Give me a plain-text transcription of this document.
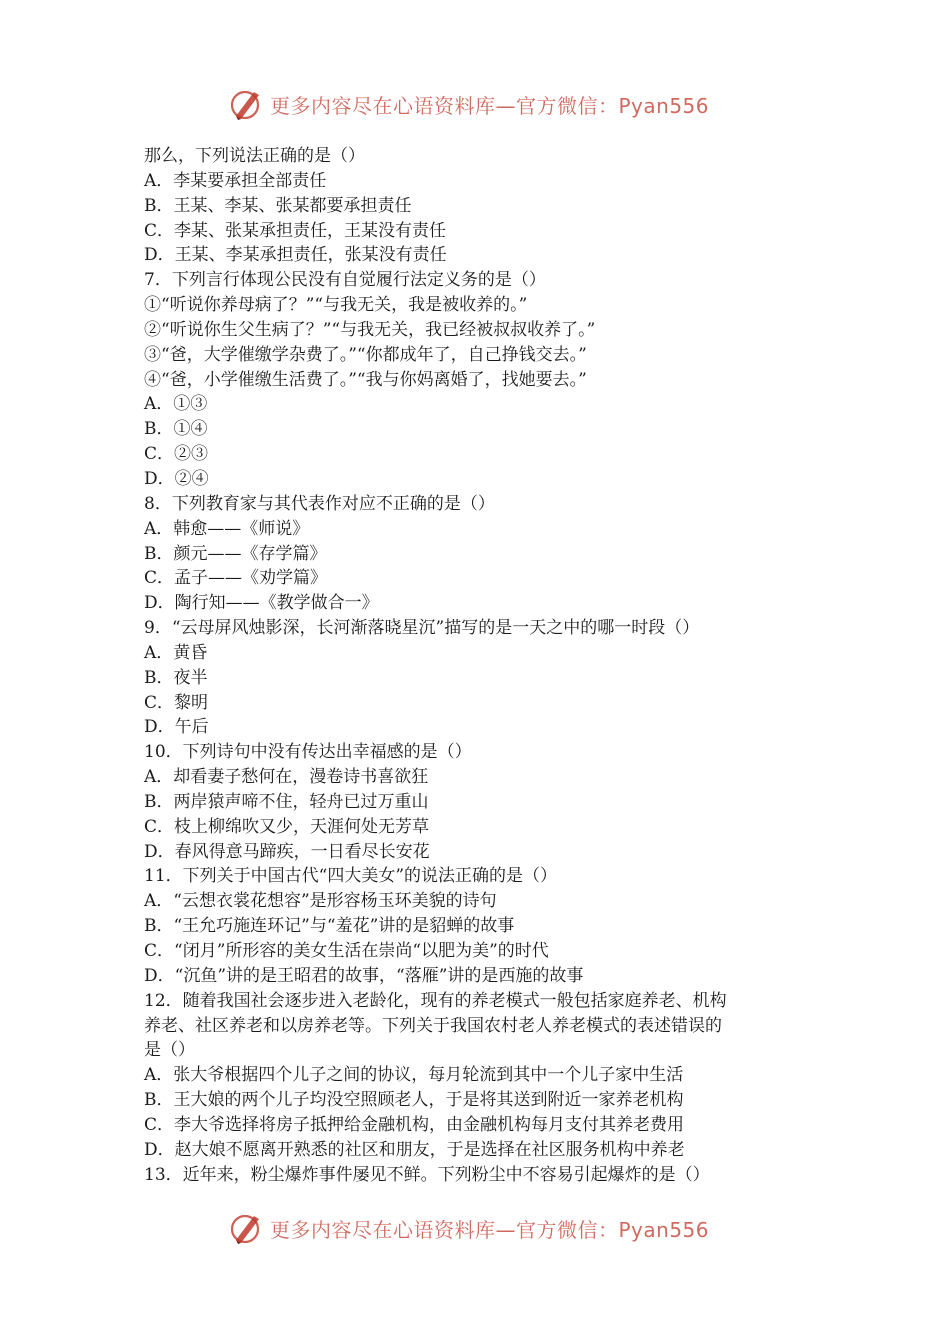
更多内容尽在心语资料库—官方微信：Pyan556
那么，下列说法正确的是（）
A．李某要承担全部责任
B．王某、李某、张某都要承担责任
C．李某、张某承担责任，王某没有责任
D．王某、李某承担责任，张某没有责任
7．下列言行体现公民没有自觉履行法定义务的是（）
①“听说你养母病了？”“与我无关，我是被收养的。”
②“听说你生父生病了？”“与我无关，我已经被叔叔收养了。”
③“爸，大学催缴学杂费了。”“你都成年了，自己挣钱交去。”
④“爸，小学催缴生活费了。”“我与你妈离婚了，找她要去。”
A．①③
B．①④
C．②③
D．②④
8．下列教育家与其代表作对应不正确的是（）
A．韩愈——《师说》
B．颜元——《存学篇》
C．孟子——《劝学篇》
D．陶行知——《教学做合一》
9．“云母屏风烛影深，长河渐落晓星沉”描写的是一天之中的哪一时段（）
A．黄昏
B．夜半
C．黎明
D．午后
10．下列诗句中没有传达出幸福感的是（）
A．却看妻子愁何在，漫卷诗书喜欲狂
B．两岸猿声啼不住，轻舟已过万重山
C．枝上柳绵吹又少，天涯何处无芳草
D．春风得意马蹄疾，一日看尽长安花
11．下列关于中国古代“四大美女”的说法正确的是（）
A．“云想衣裳花想容”是形容杨玉环美貌的诗句
B．“王允巧施连环记”与“羞花”讲的是貂蝉的故事
C．“闭月”所形容的美女生活在崇尚“以肥为美”的时代
D．“沉鱼”讲的是王昭君的故事，“落雁”讲的是西施的故事
12．随着我国社会逐步进入老龄化，现有的养老模式一般包括家庭养老、机构
养老、社区养老和以房养老等。下列关于我国农村老人养老模式的表述错误的
是（）
A．张大爷根据四个儿子之间的协议，每月轮流到其中一个儿子家中生活
B．王大娘的两个儿子均没空照顾老人，于是将其送到附近一家养老机构
C．李大爷选择将房子抵押给金融机构，由金融机构每月支付其养老费用
D．赵大娘不愿离开熟悉的社区和朋友，于是选择在社区服务机构中养老
13．近年来，粉尘爆炸事件屡见不鲜。下列粉尘中不容易引起爆炸的是（）
更多内容尽在心语资料库—官方微信：Pyan556
